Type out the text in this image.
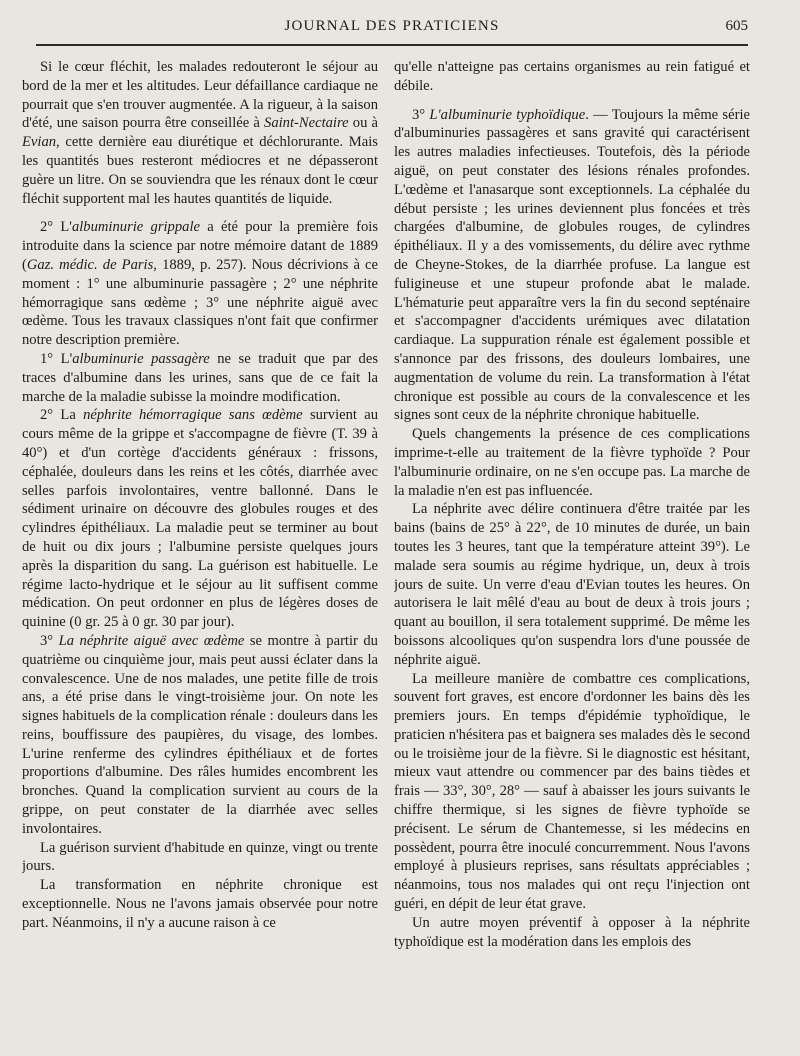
JOURNAL DES PRATICIENS	605

Si le cœur fléchit, les malades redouteront le séjour au bord de la mer et les altitudes. Leur défaillance cardiaque ne pourrait que s'en trouver augmentée. A la rigueur, à la saison d'été, une saison pourra être conseillée à Saint-Nectaire ou à Evian, cette dernière eau diurétique et déchlorurante. Mais les quantités bues resteront médiocres et ne dépasseront guère un litre. On se souviendra que les rénaux dont le cœur fléchit supportent mal les hautes quantités de liquide.

2° L'albuminurie grippale a été pour la première fois introduite dans la science par notre mémoire datant de 1889 (Gaz. médic. de Paris, 1889, p. 257). Nous décrivions à ce moment : 1° une albuminurie passagère ; 2° une néphrite hémorragique sans œdème ; 3° une néphrite aiguë avec œdème. Tous les travaux classiques n'ont fait que confirmer notre description première.

1° L'albuminurie passagère ne se traduit que par des traces d'albumine dans les urines, sans que de ce fait la marche de la maladie subisse la moindre modification.

2° La néphrite hémorragique sans œdème survient au cours même de la grippe et s'accompagne de fièvre (T. 39 à 40°) et d'un cortège d'accidents généraux : frissons, céphalée, douleurs dans les reins et les côtés, diarrhée avec selles parfois involontaires, ventre ballonné. Dans le sédiment urinaire on découvre des globules rouges et des cylindres épithéliaux. La maladie peut se terminer au bout de huit ou dix jours ; l'albumine persiste quelques jours après la disparition du sang. La guérison est habituelle. Le régime lacto-hydrique et le séjour au lit suffisent comme médication. On peut ordonner en plus de légères doses de quinine (0 gr. 25 à 0 gr. 30 par jour).

3° La néphrite aiguë avec œdème se montre à partir du quatrième ou cinquième jour, mais peut aussi éclater dans la convalescence. Une de nos malades, une petite fille de trois ans, a été prise dans le vingt-troisième jour. On note les signes habituels de la complication rénale : douleurs dans les reins, bouffissure des paupières, du visage, des lombes. L'urine renferme des cylindres épithéliaux et de fortes proportions d'albumine. Des râles humides encombrent les bronches. Quand la complication survient au cours de la grippe, on peut constater de la diarrhée avec selles involontaires.

La guérison survient d'habitude en quinze, vingt ou trente jours.

La transformation en néphrite chronique est exceptionnelle. Nous ne l'avons jamais observée pour notre part. Néanmoins, il n'y a aucune raison à ce

qu'elle n'atteigne pas certains organismes au rein fatigué et débile.

3° L'albuminurie typhoïdique. — Toujours la même série d'albuminuries passagères et sans gravité qui caractérisent les autres maladies infectieuses. Toutefois, dès la période aiguë, on peut constater des lésions rénales profondes. L'œdème et l'anasarque sont exceptionnels. La céphalée du début persiste ; les urines deviennent plus foncées et très chargées d'albumine, de globules rouges, de cylindres épithéliaux. Il y a des vomissements, du délire avec rythme de Cheyne-Stokes, de la diarrhée profuse. La langue est fuligineuse et une stupeur profonde abat le malade. L'hématurie peut apparaître vers la fin du second septénaire et s'accompagner d'accidents urémiques avec dilatation cardiaque. La suppuration rénale est également possible et s'annonce par des frissons, des douleurs lombaires, une augmentation de volume du rein. La transformation à l'état chronique est possible au cours de la convalescence et les signes sont ceux de la néphrite chronique habituelle.

Quels changements la présence de ces complications imprime-t-elle au traitement de la fièvre typhoïde ? Pour l'albuminurie ordinaire, on ne s'en occupe pas. La marche de la maladie n'en est pas influencée.

La néphrite avec délire continuera d'être traitée par les bains (bains de 25° à 22°, de 10 minutes de durée, un bain toutes les 3 heures, tant que la température atteint 39°). Le malade sera soumis au régime hydrique, un, deux à trois jours de suite. Un verre d'eau d'Evian toutes les heures. On autorisera le lait mêlé d'eau au bout de deux à trois jours ; quant au bouillon, il sera totalement supprimé. De même les boissons alcooliques qu'on suspendra lors d'une poussée de néphrite aiguë.

La meilleure manière de combattre ces complications, souvent fort graves, est encore d'ordonner les bains dès les premiers jours. En temps d'épidémie typhoïdique, le praticien n'hésitera pas et baignera ses malades dès le second ou le troisième jour de la fièvre. Si le diagnostic est hésitant, mieux vaut attendre ou commencer par des bains tièdes et frais — 33°, 30°, 28° — sauf à abaisser les jours suivants le chiffre thermique, si les signes de fièvre typhoïde se précisent. Le sérum de Chantemesse, si les médecins en possèdent, pourra être inoculé concurremment. Nous l'avons employé à plusieurs reprises, sans résultats appréciables ; néanmoins, tous nos malades qui ont reçu l'injection ont guéri, en dépit de leur état grave.

Un autre moyen préventif à opposer à la néphrite typhoïdique est la modération dans les emplois des
